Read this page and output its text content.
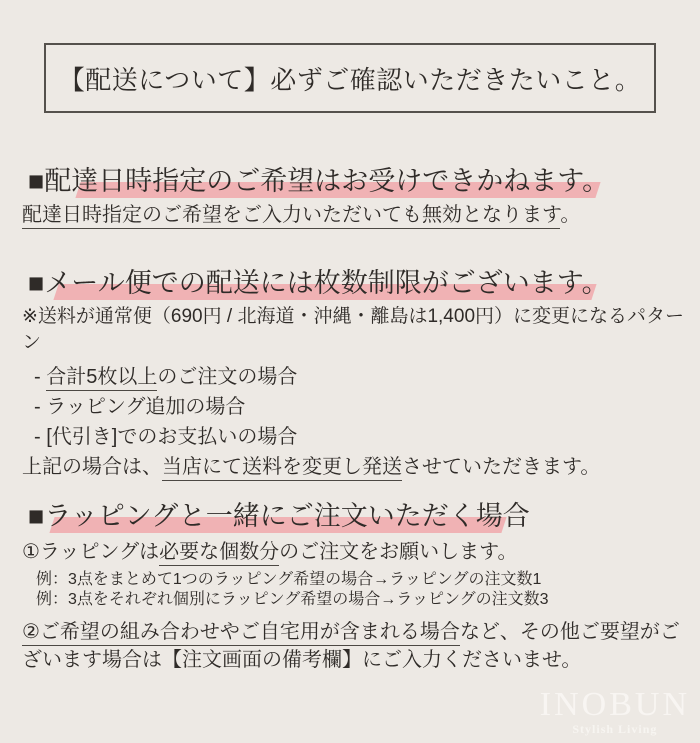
【配送について】必ずご確認いただきたいこと。
■配達日時指定のご希望はお受けできかねます。

配達日時指定のご希望をご入力いただいても無効となります。

■メール便での配送には枚数制限がございます。

※送料が通常便（690円 / 北海道・沖縄・離島は1,400円）に変更になるパターン

- 合計5枚以上のご注文の場合
- ラッピング追加の場合
- [代引き]でのお支払いの場合

上記の場合は、当店にて送料を変更し発送させていただきます。

■ラッピングと一緒にご注文いただく場合

①ラッピングは必要な個数分のご注文をお願いします。

例：3点をまとめて1つのラッピング希望の場合→ラッピングの注文数1
例：3点をそれぞれ個別にラッピング希望の場合→ラッピングの注文数3

②ご希望の組み合わせやご自宅用が含まれる場合など、その他ご要望がございます場合は【注文画面の備考欄】にご入力くださいませ。

INOBUN
Stylish Living
